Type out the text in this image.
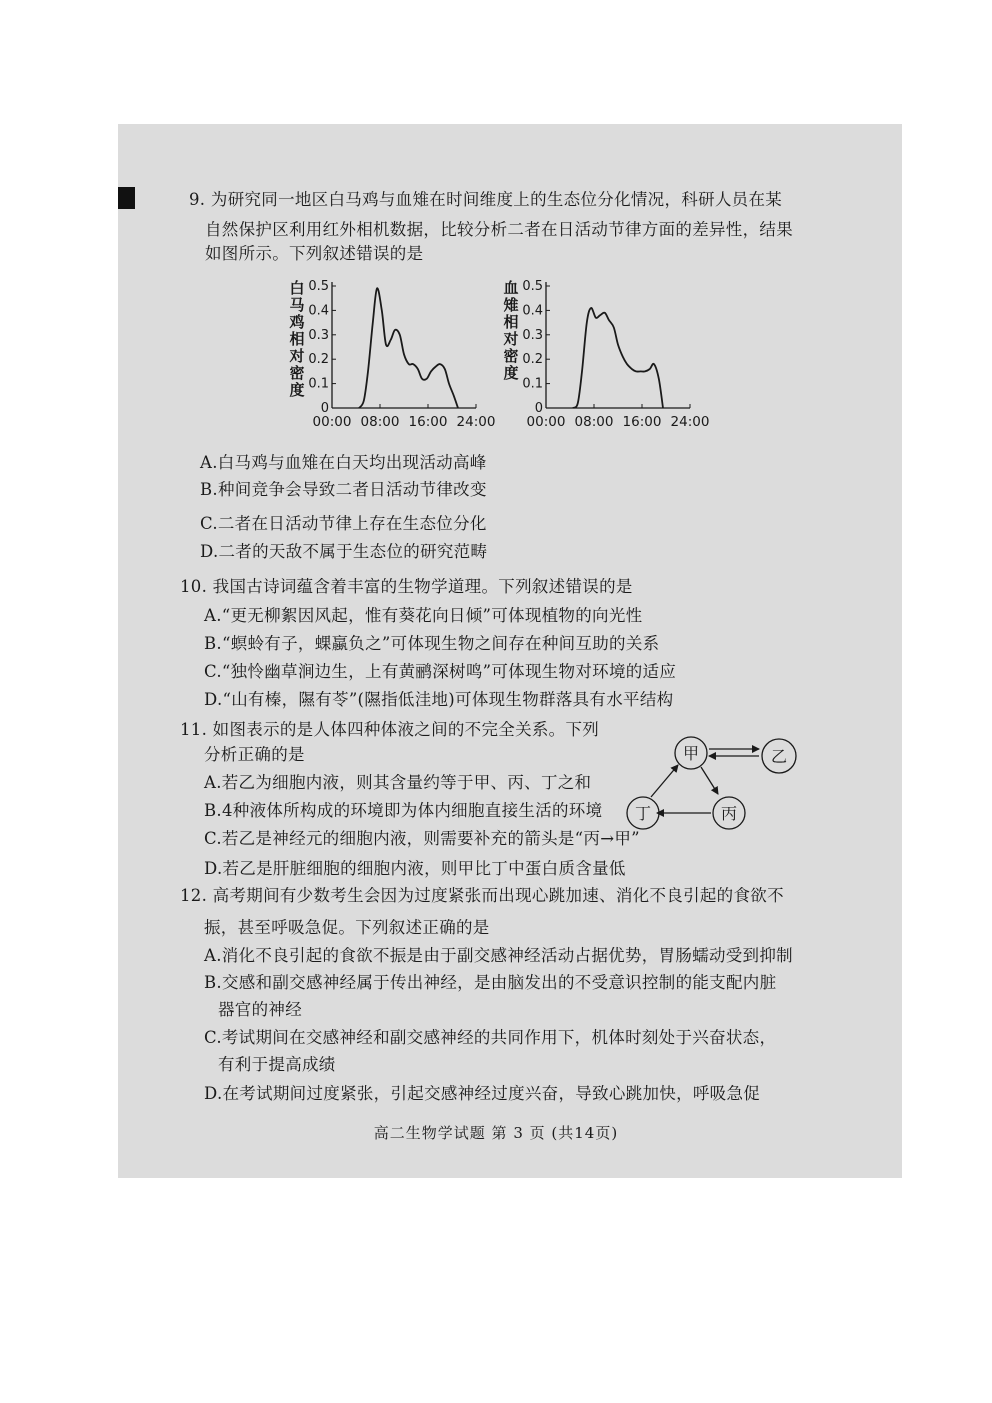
9. 为研究同一地区白马鸡与血雉在时间维度上的生态位分化情况，科研人员在某
自然保护区利用红外相机数据，比较分析二者在日活动节律方面的差异性，结果
如图所示。下列叙述错误的是
白马鸡相对密度
0
0.1
0.2
0.3
0.4
0.5
00:00 08:00 16:00 24:00
血雉相对密度
0
0.1
0.2
0.3
0.4
0.5
00:00 08:00 16:00 24:00
A.白马鸡与血雉在白天均出现活动高峰
B.种间竞争会导致二者日活动节律改变
C.二者在日活动节律上存在生态位分化
D.二者的天敌不属于生态位的研究范畴
10. 我国古诗词蕴含着丰富的生物学道理。下列叙述错误的是
A.“更无柳絮因风起，惟有葵花向日倾”可体现植物的向光性
B.“螟蛉有子，蜾蠃负之”可体现生物之间存在种间互助的关系
C.“独怜幽草涧边生，上有黄鹂深树鸣”可体现生物对环境的适应
D.“山有榛，隰有苓”(隰指低洼地)可体现生物群落具有水平结构
11. 如图表示的是人体四种体液之间的不完全关系。下列
分析正确的是
A.若乙为细胞内液，则其含量约等于甲、丙、丁之和
B.4种液体所构成的环境即为体内细胞直接生活的环境
C.若乙是神经元的细胞内液，则需要补充的箭头是“丙→甲”
D.若乙是肝脏细胞的细胞内液，则甲比丁中蛋白质含量低
甲	乙
丙
丁
12. 高考期间有少数考生会因为过度紧张而出现心跳加速、消化不良引起的食欲不
振，甚至呼吸急促。下列叙述正确的是
A.消化不良引起的食欲不振是由于副交感神经活动占据优势，胃肠蠕动受到抑制
B.交感和副交感神经属于传出神经，是由脑发出的不受意识控制的能支配内脏
器官的神经
C.考试期间在交感神经和副交感神经的共同作用下，机体时刻处于兴奋状态，
有利于提高成绩
D.在考试期间过度紧张，引起交感神经过度兴奋，导致心跳加快，呼吸急促
高二生物学试题 第 3 页 (共14页)
